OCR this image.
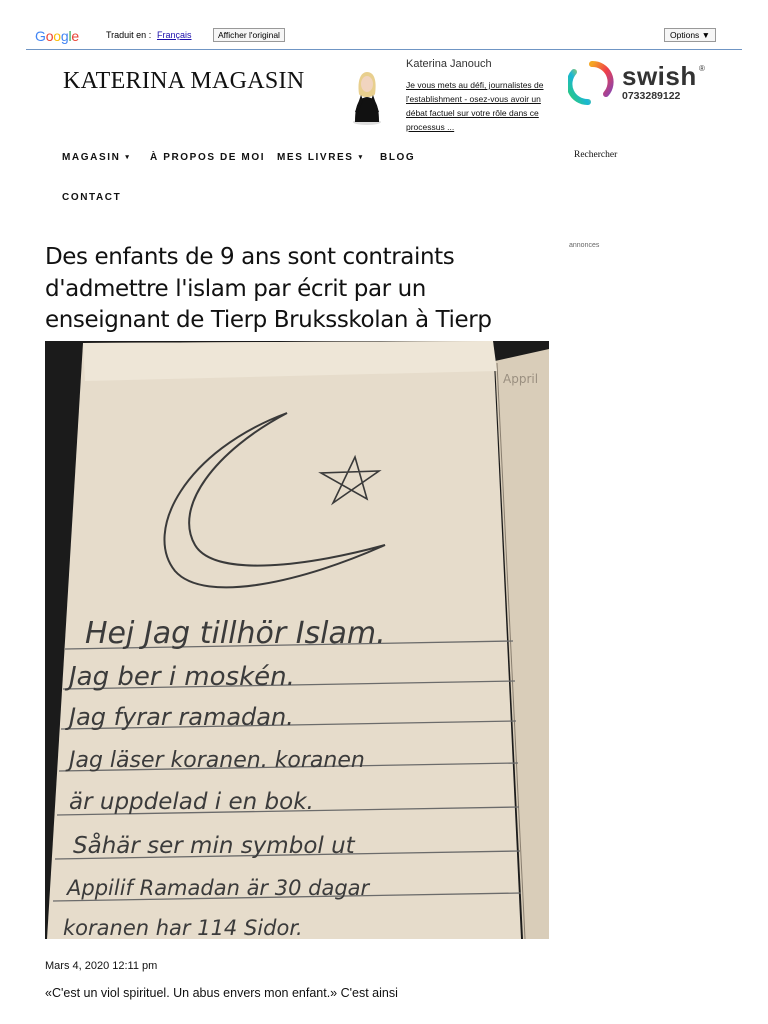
Google	Traduit en : Français	Afficher l'original	Options ▼
KATERINA MAGASIN
Katerina Janouch
Je vous mets au défi, journalistes de l'establishment - osez-vous avoir un débat factuel sur votre rôle dans ce processus ...
swish ®
0733289122
MAGASIN ▾ À PROPOS DE MOI MES LIVRES ▾ BLOG
CONTACT
Rechercher
annonces
Des enfants de 9 ans sont contraints d'admettre l'islam par écrit par un enseignant de Tierp Bruksskolan à Tierp
Appril
Hej Jag tillhör Islam.
Jag ber i moskén.
Jag fyrar ramadan.
Jag läser koranen. koranen
är uppdelad i en bok.
Såhär ser min symbol ut
Appilif Ramadan är 30 dagar
koranen har 114 Sidor.
Mars 4, 2020 12:11 pm
«C'est un viol spirituel. Un abus envers mon enfant.» C'est ainsi
